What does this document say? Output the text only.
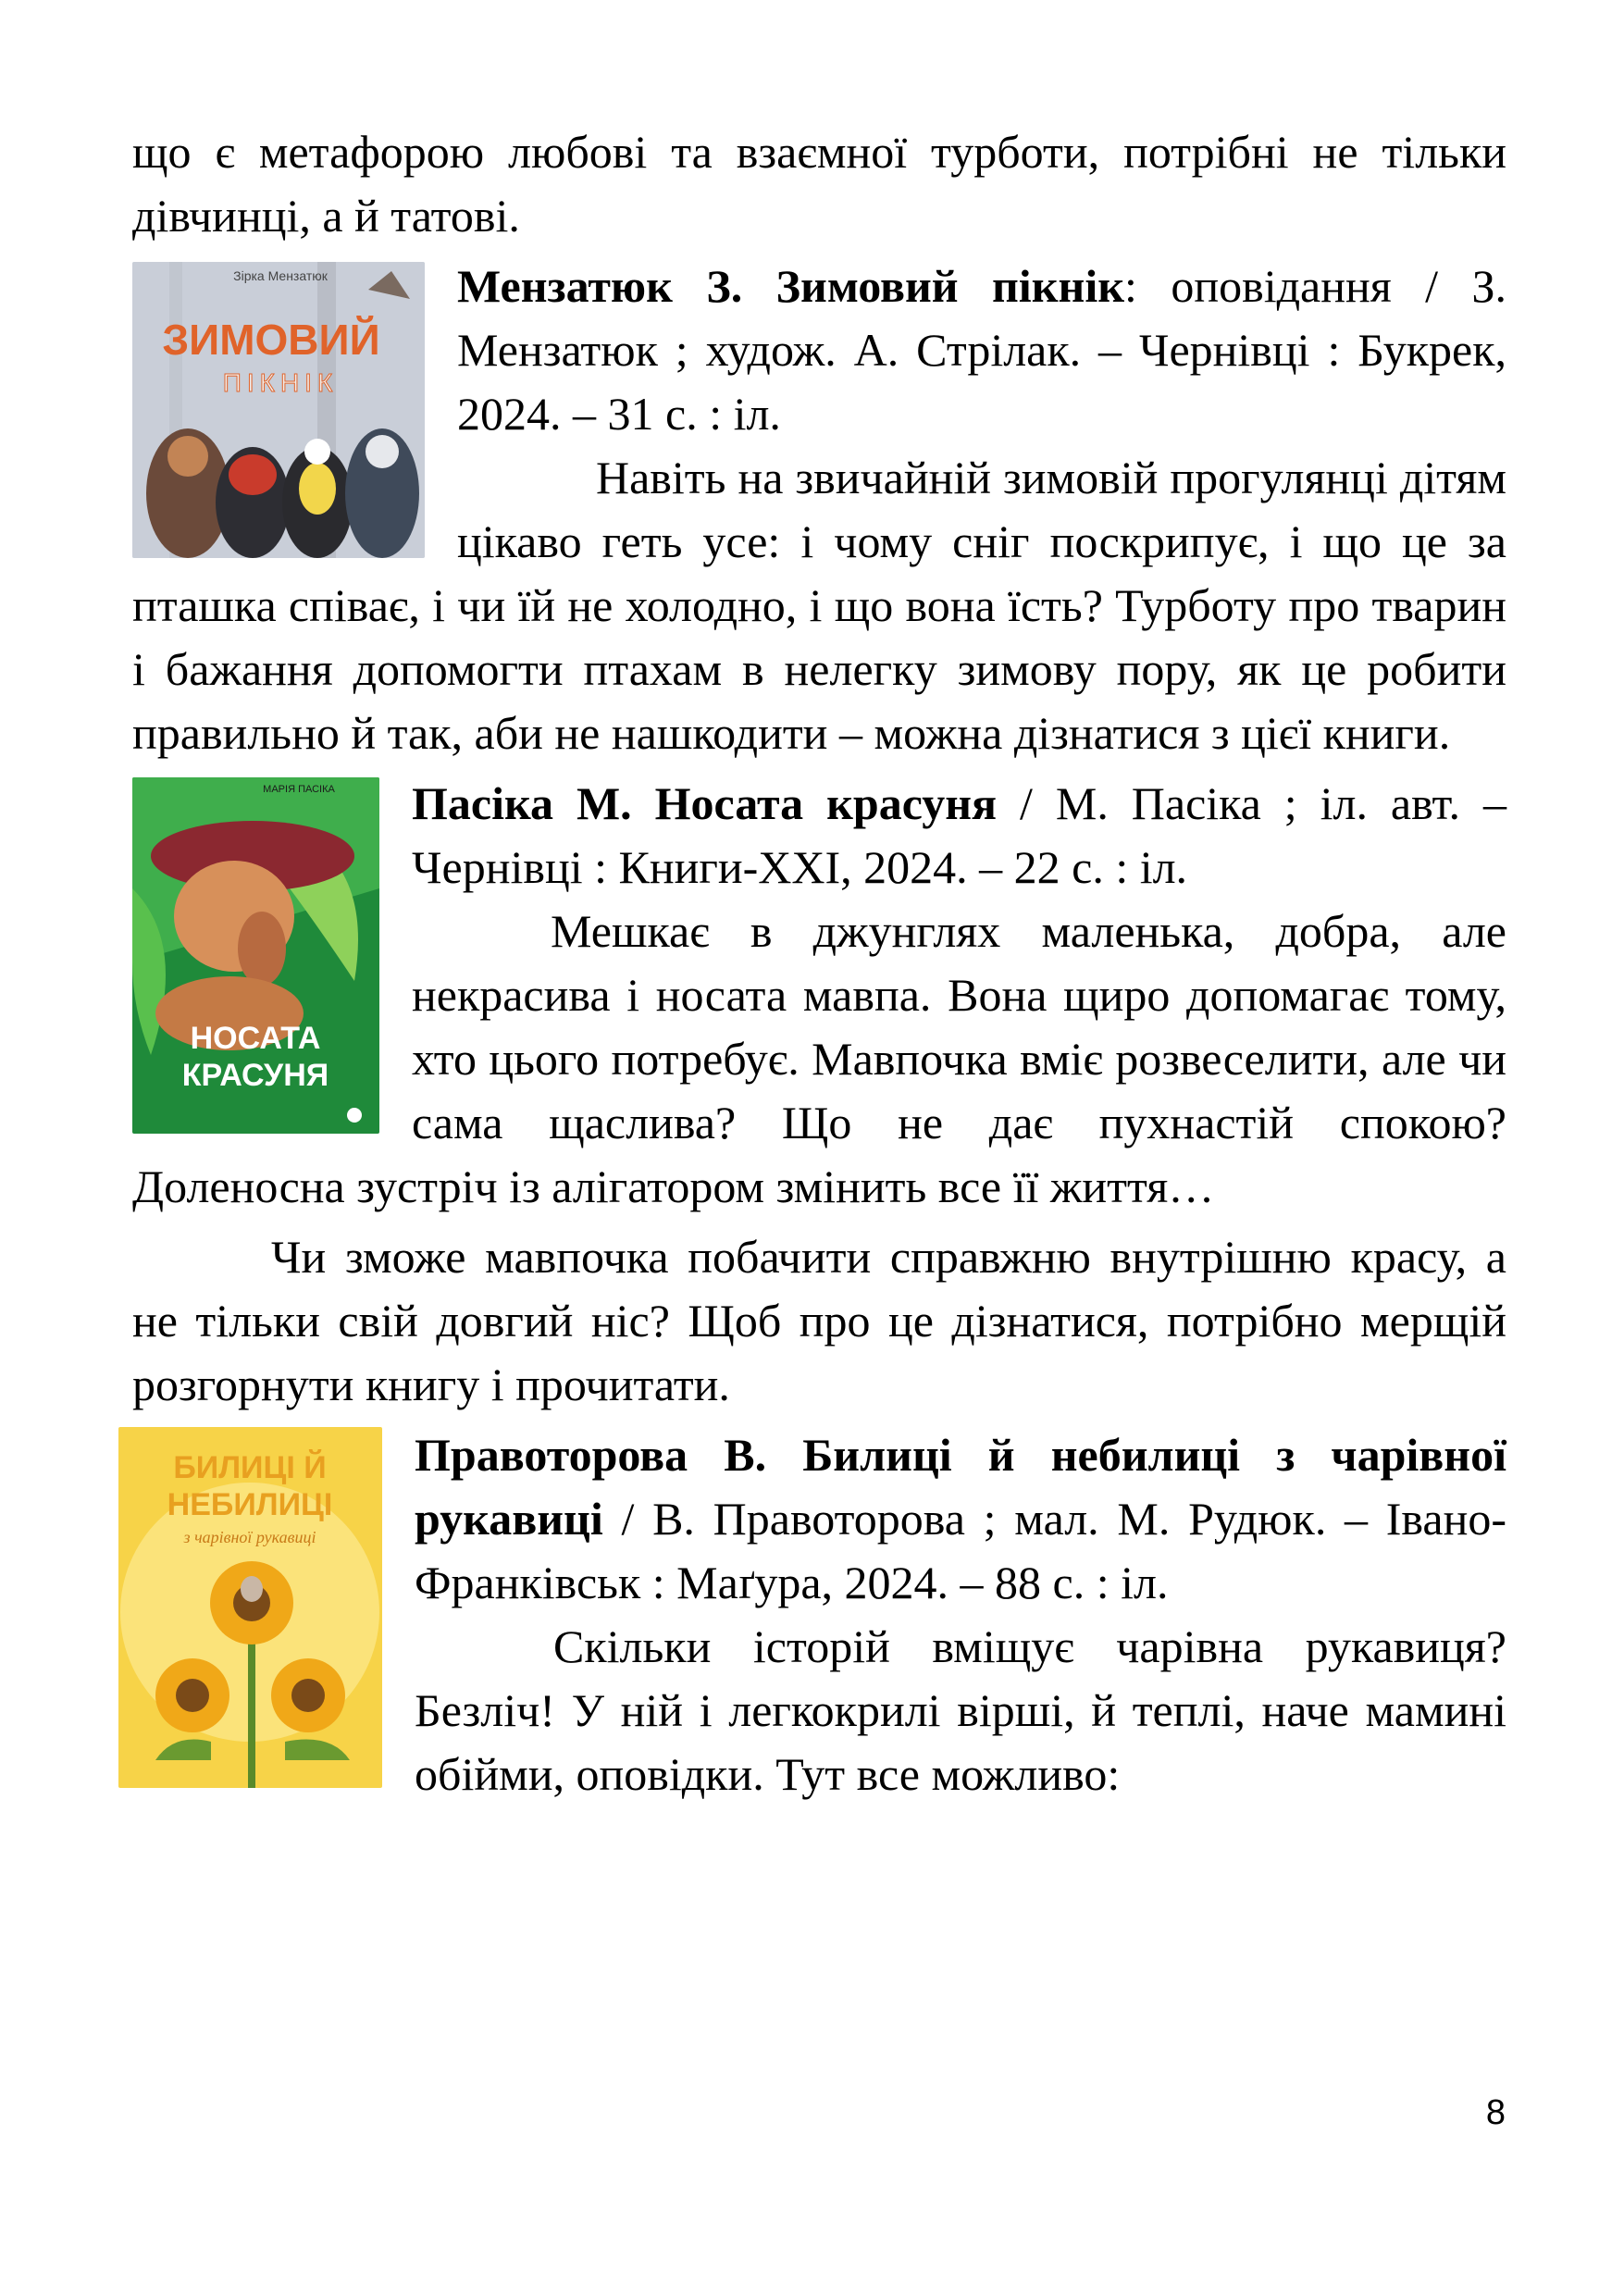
що є метафорою любові та взаємної турботи, потрібні не тільки дівчинці, а й татові.

Зірка Мензатюк
ЗИМОВИЙ
ПІКНІК

Мензатюк З. Зимовий пікнік: оповідання / З. Мензатюк ; худож. А. Стрілак. – Чернівці : Букрек, 2024. – 31 с. : іл.

Навіть на звичайній зимовій прогулянці дітям цікаво геть усе: і чому сніг поскрипує, і що це за пташка співає, і чи їй не холодно, і що вона їсть? Турботу про тварин і бажання допомогти птахам в нелегку зимову пору, як це робити правильно й так, аби не нашкодити – можна дізнатися з цієї книги.

МАРІЯ ПАСІКА
НОСАТА
КРАСУНЯ

Пасіка М. Носата красуня / М. Пасіка ; іл. авт. – Чернівці : Книги-ХХІ, 2024. – 22 с. : іл.

Мешкає в джунглях маленька, добра, але некрасива і носата мавпа. Вона щиро допомагає тому, хто цього потребує. Мавпочка вміє розвеселити, але чи сама щаслива? Що не дає пухнастій спокою? Доленосна зустріч із алігатором змінить все її життя…

Чи зможе мавпочка побачити справжню внутрішню красу, а не тільки свій довгий ніс? Щоб про це дізнатися, потрібно мерщій розгорнути книгу і прочитати.

БИЛИЦІ Й
НЕБИЛИЦІ
з чарівної рукавиці

Правоторова В. Билиці й небилиці з чарівної рукавиці / В. Правоторова ; мал. М. Рудюк. – Івано-Франківськ : Маґура, 2024. – 88 с. : іл.

Скільки історій вміщує чарівна рукавиця? Безліч! У ній і легкокрилі вірші, й теплі, наче мамині обійми, оповідки. Тут все можливо:

8
